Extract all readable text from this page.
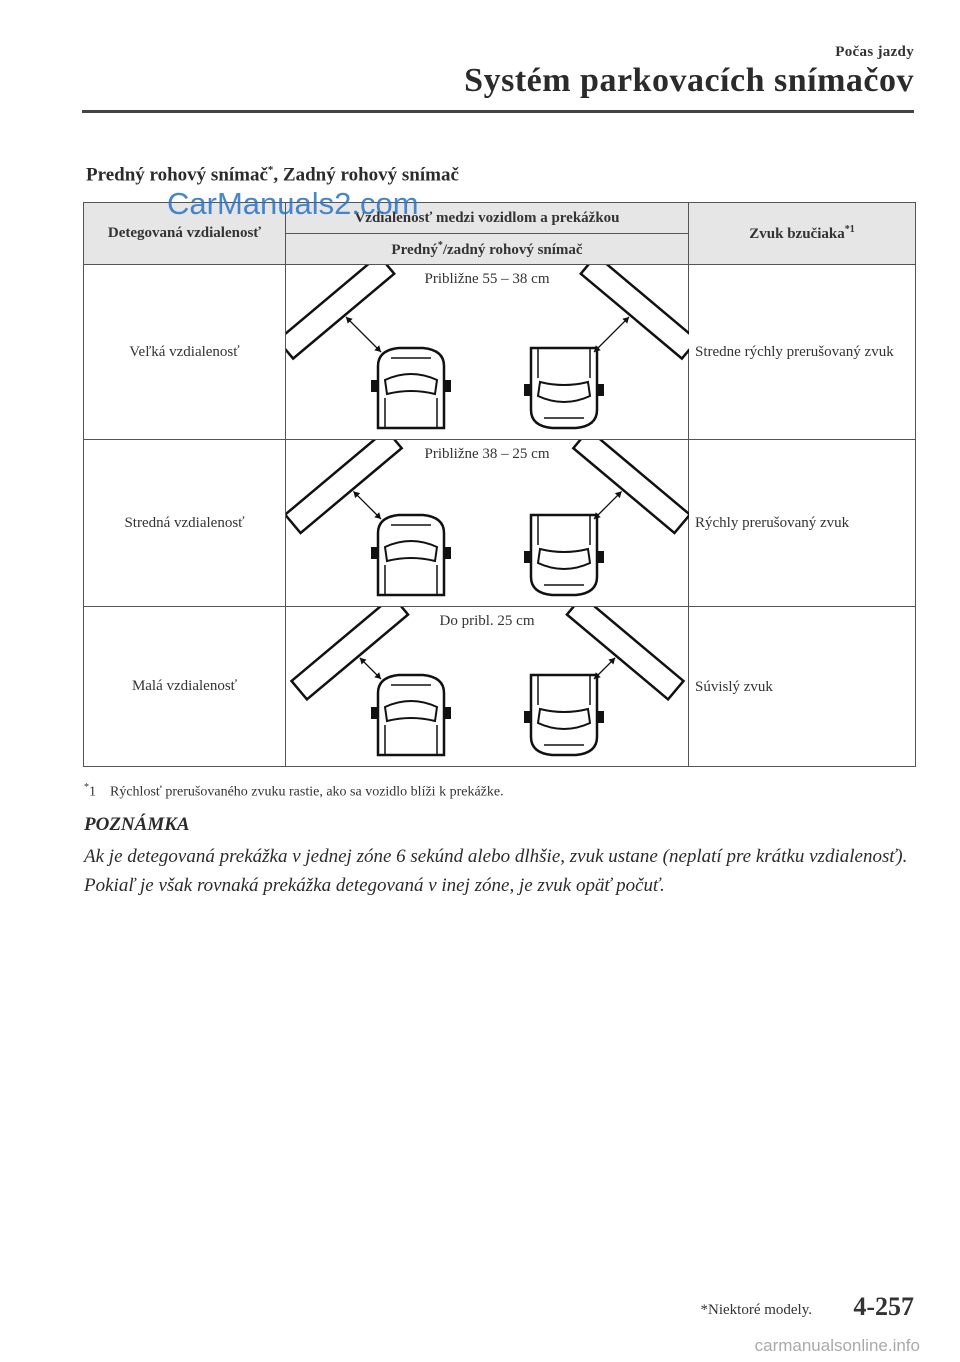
Počas jazdy
Systém parkovacích snímačov
Predný rohový snímač*, Zadný rohový snímač
Detegovaná vzdialenosť	Vzdialenosť medzi vozidlom a prekážkou	Zvuk bzučiaka$^{*1}$
	Predný*/zadný rohový snímač	
Veľká vzdialenosť	Približne 55 – 38 cm	Stredne rýchly prerušovaný zvuk
Stredná vzdialenosť	Približne 38 – 25 cm	Rýchly prerušovaný zvuk
Malá vzdialenosť	Do pribl. 25 cm	Súvislý zvuk
CarManuals2.com
*1 Rýchlosť prerušovaného zvuku rastie, ako sa vozidlo blíži k prekážke.
POZNÁMKA
Ak je detegovaná prekážka v jednej zóne 6 sekúnd alebo dlhšie, zvuk ustane (neplatí pre krátku vzdialenosť). Pokiaľ je však rovnaká prekážka detegovaná v inej zóne, je zvuk opäť počuť.
*Niektoré modely. 4-257
carmanualsonline.info
